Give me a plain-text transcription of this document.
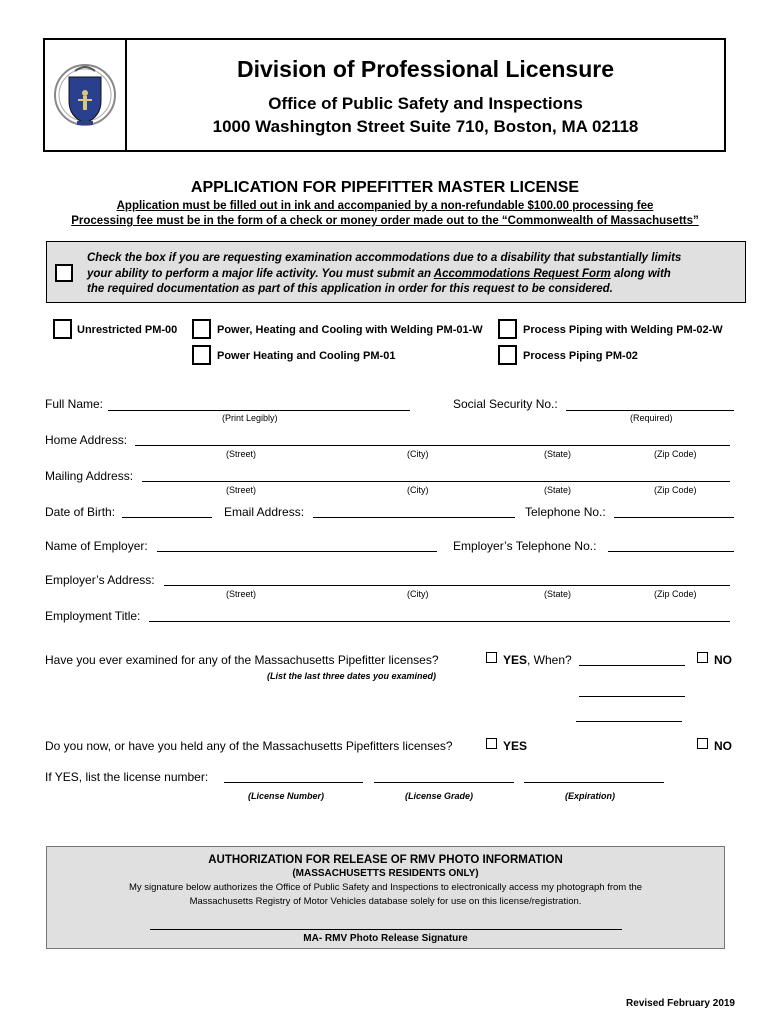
Division of Professional Licensure
Office of Public Safety and Inspections
1000 Washington Street Suite 710, Boston, MA 02118
APPLICATION FOR PIPEFITTER MASTER LICENSE
Application must be filled out in ink and accompanied by a non-refundable $100.00 processing fee
Processing fee must be in the form of a check or money order made out to the “Commonwealth of Massachusetts”
Check the box if you are requesting examination accommodations due to a disability that substantially limits
your ability to perform a major life activity. You must submit an Accommodations Request Form along with
the required documentation as part of this application in order for this request to be considered.
Unrestricted PM-00	Power, Heating and Cooling with Welding PM-01-W	Process Piping with Welding PM-02-W
Power Heating and Cooling PM-01	Process Piping PM-02
Full Name:
(Print Legibly)
Social Security No.:
(Required)
Home Address:
(Street)	(City)	(State)	(Zip Code)
Mailing Address:
(Street)	(City)	(State)	(Zip Code)
Date of Birth:	Email Address:	Telephone No.:
Name of Employer:	Employer’s Telephone No.:
Employer’s Address:
(Street)	(City)	(State)	(Zip Code)
Employment Title:
Have you ever examined for any of the Massachusetts Pipefitter licenses?
(List the last three dates you examined)
YES, When?	NO
Do you now, or have you held any of the Massachusetts Pipefitters licenses?	YES	NO
If YES, list the license number:
(License Number)	(License Grade)	(Expiration)
AUTHORIZATION FOR RELEASE OF RMV PHOTO INFORMATION
(MASSACHUSETTS RESIDENTS ONLY)
My signature below authorizes the Office of Public Safety and Inspections to electronically access my photograph from the
Massachusetts Registry of Motor Vehicles database solely for use on this license/registration.
MA- RMV Photo Release Signature
Revised February 2019
